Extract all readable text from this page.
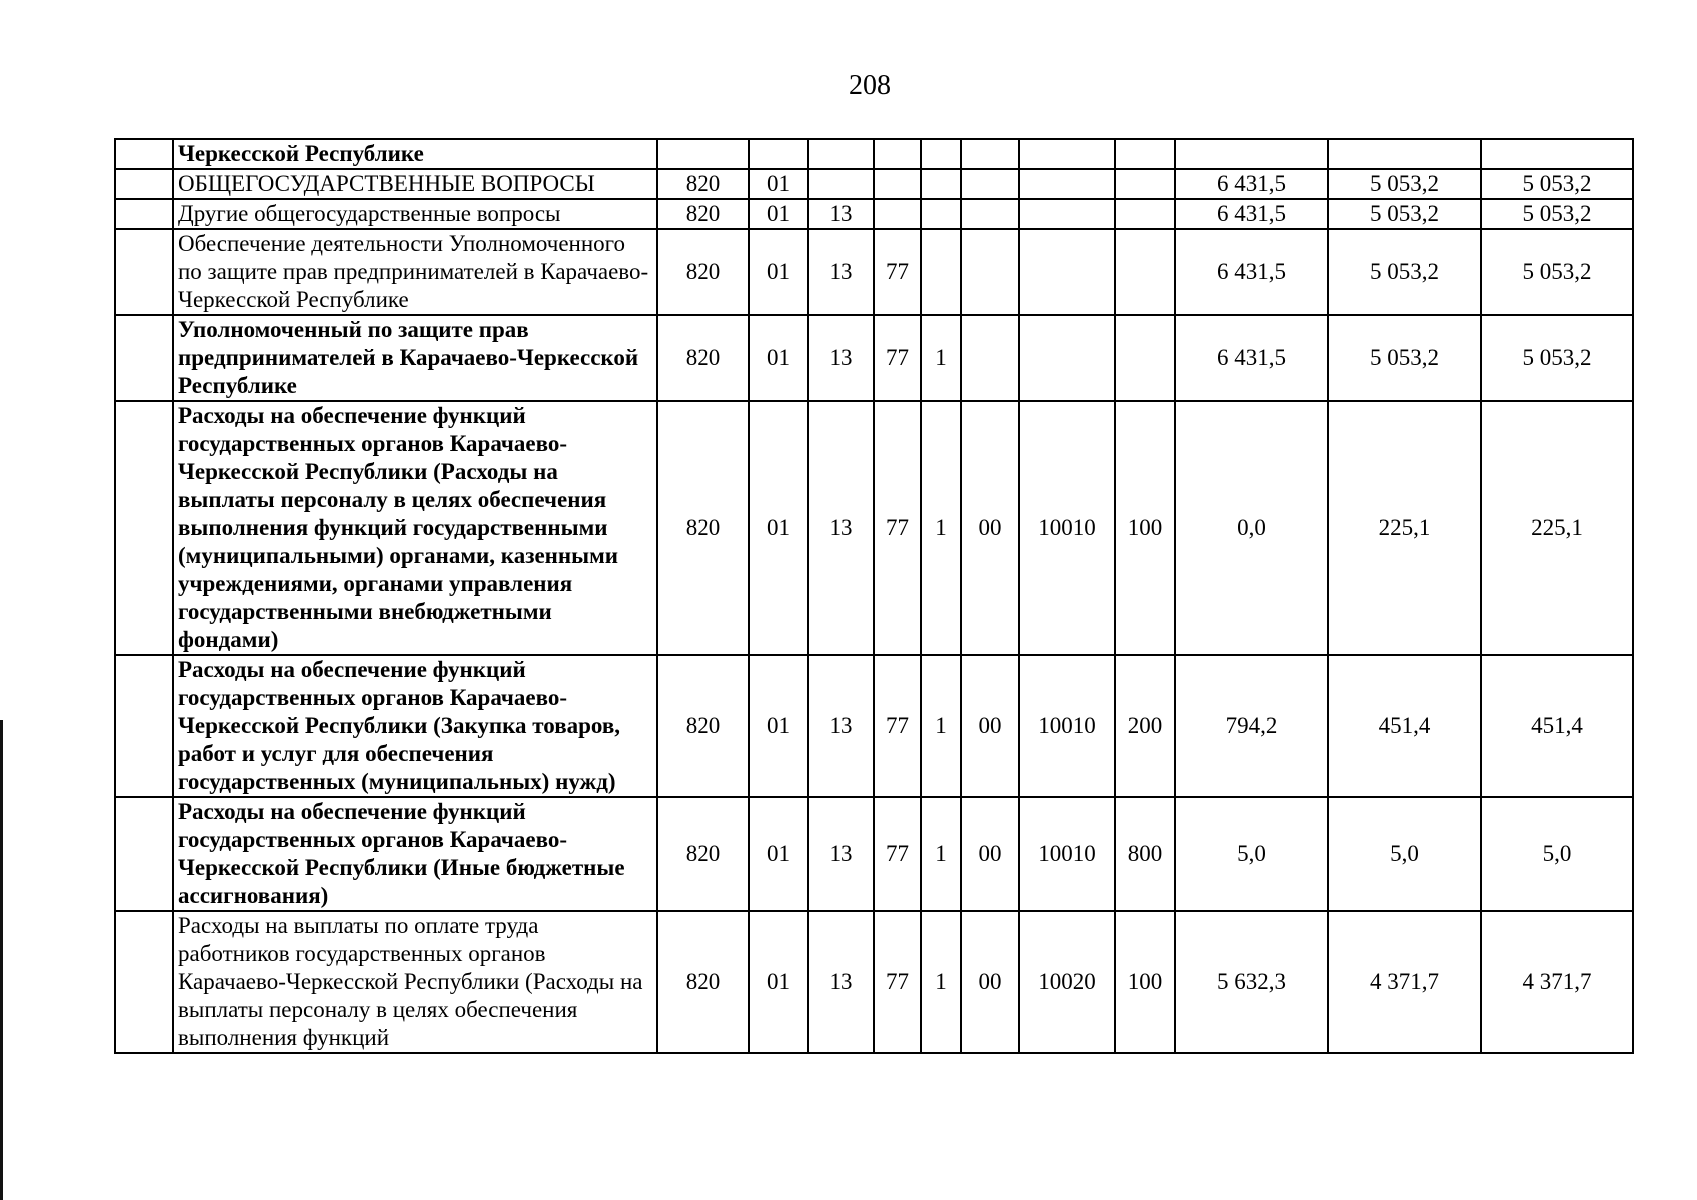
208
	Черкесской Республике											
	ОБЩЕГОСУДАРСТВЕННЫЕ ВОПРОСЫ	820	01							6 431,5	5 053,2	5 053,2
	Другие общегосударственные вопросы	820	01	13						6 431,5	5 053,2	5 053,2
	Обеспечение деятельности Уполномоченного по защите прав предпринимателей в Карачаево-Черкесской Республике	820	01	13	77					6 431,5	5 053,2	5 053,2
	Уполномоченный по защите прав предпринимателей в Карачаево-Черкесской Республике	820	01	13	77	1				6 431,5	5 053,2	5 053,2
	Расходы на обеспечение функций государственных органов Карачаево-Черкесской Республики (Расходы на выплаты персоналу в целях обеспечения выполнения функций государственными (муниципальными) органами, казенными учреждениями, органами управления государственными внебюджетными фондами)	820	01	13	77	1	00	10010	100	0,0	225,1	225,1
	Расходы на обеспечение функций государственных органов Карачаево-Черкесской Республики (Закупка товаров, работ и услуг для обеспечения государственных (муниципальных) нужд)	820	01	13	77	1	00	10010	200	794,2	451,4	451,4
	Расходы на обеспечение функций государственных органов Карачаево-Черкесской Республики (Иные бюджетные ассигнования)	820	01	13	77	1	00	10010	800	5,0	5,0	5,0
	Расходы на выплаты по оплате труда работников государственных органов Карачаево-Черкесской Республики (Расходы на выплаты персоналу в целях обеспечения выполнения функций	820	01	13	77	1	00	10020	100	5 632,3	4 371,7	4 371,7
